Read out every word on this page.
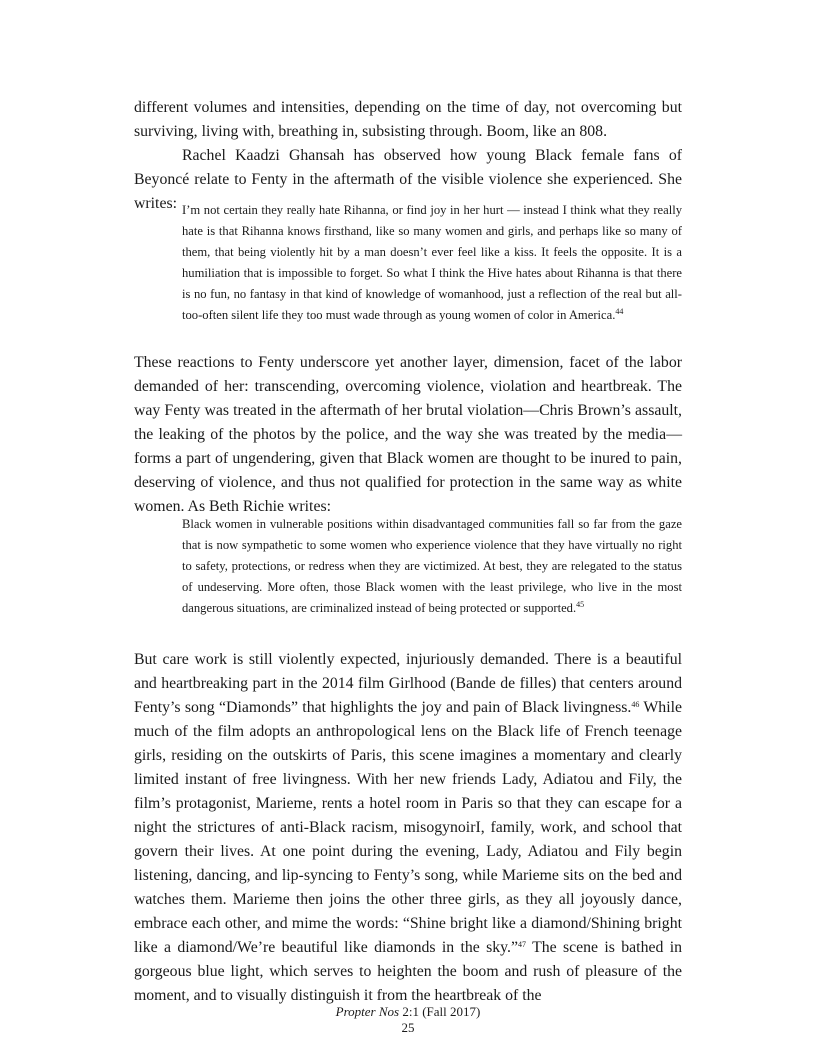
different volumes and intensities, depending on the time of day, not overcoming but surviving, living with, breathing in, subsisting through. Boom, like an 808.

Rachel Kaadzi Ghansah has observed how young Black female fans of Beyoncé relate to Fenty in the aftermath of the visible violence she experienced. She writes: I’m not certain they really hate Rihanna, or find joy in her hurt — instead I think what they really hate is that Rihanna knows firsthand, like so many women and girls, and perhaps like so many of them, that being violently hit by a man doesn’t ever feel like a kiss. It feels the opposite. It is a humiliation that is impossible to forget. So what I think the Hive hates about Rihanna is that there is no fun, no fantasy in that kind of knowledge of womanhood, just a reflection of the real but all-too-often silent life they too must wade through as young women of color in America.$^{44}$

These reactions to Fenty underscore yet another layer, dimension, facet of the labor demanded of her: transcending, overcoming violence, violation and heartbreak. The way Fenty was treated in the aftermath of her brutal violation—Chris Brown’s assault, the leaking of the photos by the police, and the way she was treated by the media—forms a part of ungendering, given that Black women are thought to be inured to pain, deserving of violence, and thus not qualified for protection in the same way as white women. As Beth Richie writes:

Black women in vulnerable positions within disadvantaged communities fall so far from the gaze that is now sympathetic to some women who experience violence that they have virtually no right to safety, protections, or redress when they are victimized. At best, they are relegated to the status of undeserving. More often, those Black women with the least privilege, who live in the most dangerous situations, are criminalized instead of being protected or supported.$^{45}$

But care work is still violently expected, injuriously demanded. There is a beautiful and heartbreaking part in the 2014 film Girlhood (Bande de filles) that centers around Fenty’s song “Diamonds” that highlights the joy and pain of Black livingness.$^{46}$ While much of the film adopts an anthropological lens on the Black life of French teenage girls, residing on the outskirts of Paris, this scene imagines a momentary and clearly limited instant of free livingness. With her new friends Lady, Adiatou and Fily, the film’s protagonist, Marieme, rents a hotel room in Paris so that they can escape for a night the strictures of anti-Black racism, misogynoirI, family, work, and school that govern their lives. At one point during the evening, Lady, Adiatou and Fily begin listening, dancing, and lip-syncing to Fenty’s song, while Marieme sits on the bed and watches them. Marieme then joins the other three girls, as they all joyously dance, embrace each other, and mime the words: “Shine bright like a diamond/Shining bright like a diamond/We’re beautiful like diamonds in the sky.”$^{47}$ The scene is bathed in gorgeous blue light, which serves to heighten the boom and rush of pleasure of the moment, and to visually distinguish it from the heartbreak of the

Propter Nos 2:1 (Fall 2017)
25
